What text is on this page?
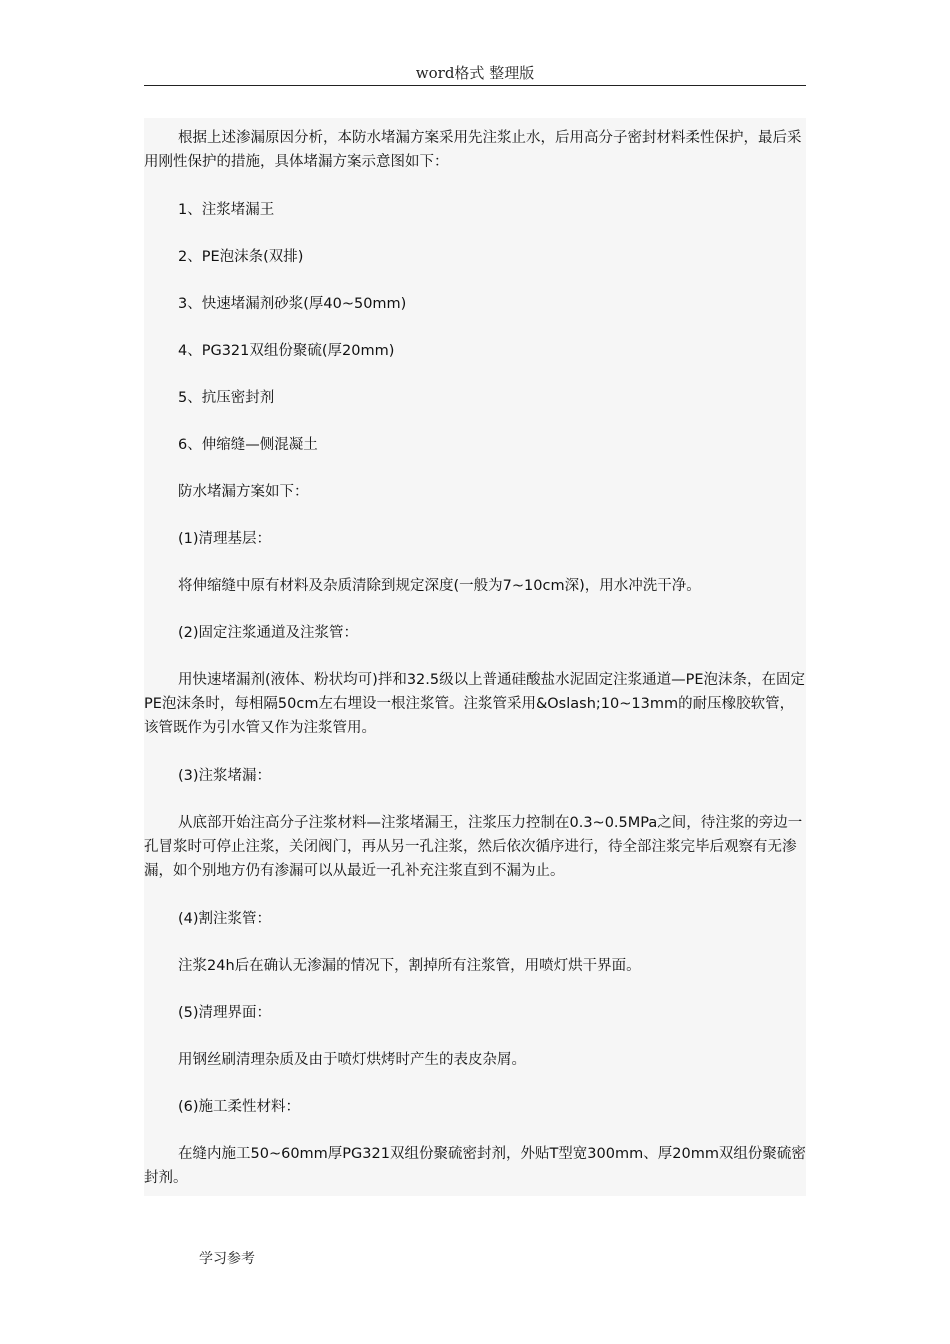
word格式 整理版
根据上述渗漏原因分析，本防水堵漏方案采用先注浆止水，后用高分子密封材料柔性保护，最后采用刚性保护的措施，具体堵漏方案示意图如下：
1、注浆堵漏王
2、PE泡沫条(双排)
3、快速堵漏剂砂浆(厚40~50mm)
4、PG321双组份聚硫(厚20mm)
5、抗压密封剂
6、伸缩缝—侧混凝土
防水堵漏方案如下：
(1)清理基层：
将伸缩缝中原有材料及杂质清除到规定深度(一般为7~10cm深)，用水冲洗干净。
(2)固定注浆通道及注浆管：
用快速堵漏剂(液体、粉状均可)拌和32.5级以上普通硅酸盐水泥固定注浆通道—PE泡沫条，在固定PE泡沫条时，每相隔50cm左右埋设一根注浆管。注浆管采用&Oslash;10~13mm的耐压橡胶软管，该管既作为引水管又作为注浆管用。
(3)注浆堵漏：
从底部开始注高分子注浆材料—注浆堵漏王，注浆压力控制在0.3~0.5MPa之间，待注浆的旁边一孔冒浆时可停止注浆，关闭阀门，再从另一孔注浆，然后依次循序进行，待全部注浆完毕后观察有无渗漏，如个别地方仍有渗漏可以从最近一孔补充注浆直到不漏为止。
(4)割注浆管：
注浆24h后在确认无渗漏的情况下，割掉所有注浆管，用喷灯烘干界面。
(5)清理界面：
用钢丝刷清理杂质及由于喷灯烘烤时产生的表皮杂屑。
(6)施工柔性材料：
在缝内施工50~60mm厚PG321双组份聚硫密封剂，外贴T型宽300mm、厚20mm双组份聚硫密封剂。
学习参考
